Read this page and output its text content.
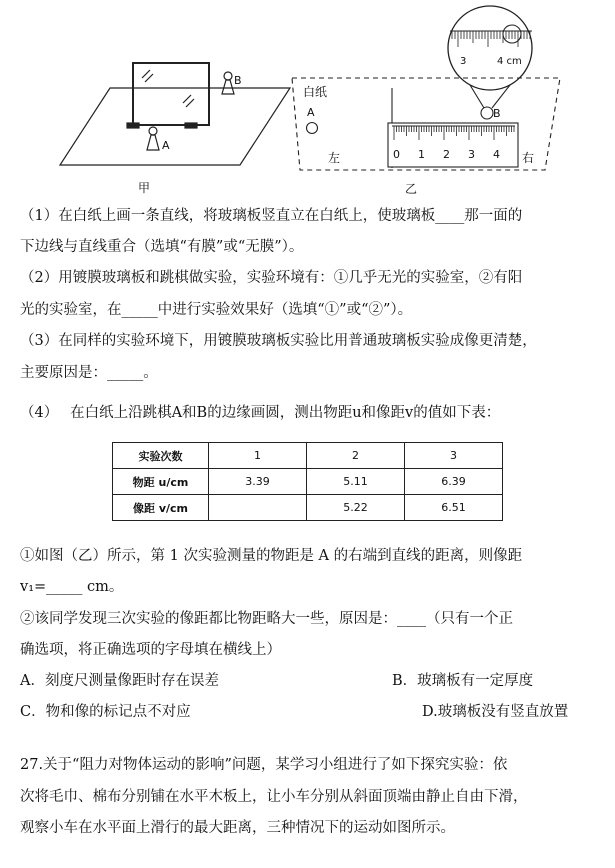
A
B
甲
白纸
A	B
左	右
0 1 2 3 4
3	4 cm
乙
（1）在白纸上画一条直线，将玻璃板竖直立在白纸上，使玻璃板____那一面的
下边线与直线重合（选填“有膜”或“无膜”）。
（2）用镀膜玻璃板和跳棋做实验，实验环境有：①几乎无光的实验室，②有阳
光的实验室，在_____中进行实验效果好（选填“①”或“②”）。
（3）在同样的实验环境下，用镀膜玻璃板实验比用普通玻璃板实验成像更清楚，
主要原因是：_____。
（4）　 在白纸上沿跳棋A和B的边缘画圆，测出物距u和像距v的值如下表：
实验次数	1	2	3
物距 u/cm	3.39	5.11	6.39
像距 v/cm		5.22	6.51
①如图（乙）所示，第 1 次实验测量的物距是 A 的右端到直线的距离，则像距
v₁=_____ cm。
②该同学发现三次实验的像距都比物距略大一些，原因是：____（只有一个正
确选项，将正确选项的字母填在横线上）
A．刻度尺测量像距时存在误差	B．玻璃板有一定厚度
C．物和像的标记点不对应	D.玻璃板没有竖直放置
27.关于“阻力对物体运动的影响”问题，某学习小组进行了如下探究实验：依
次将毛巾、棉布分别铺在水平木板上，让小车分别从斜面顶端由静止自由下滑，
观察小车在水平面上滑行的最大距离，三种情况下的运动如图所示。
